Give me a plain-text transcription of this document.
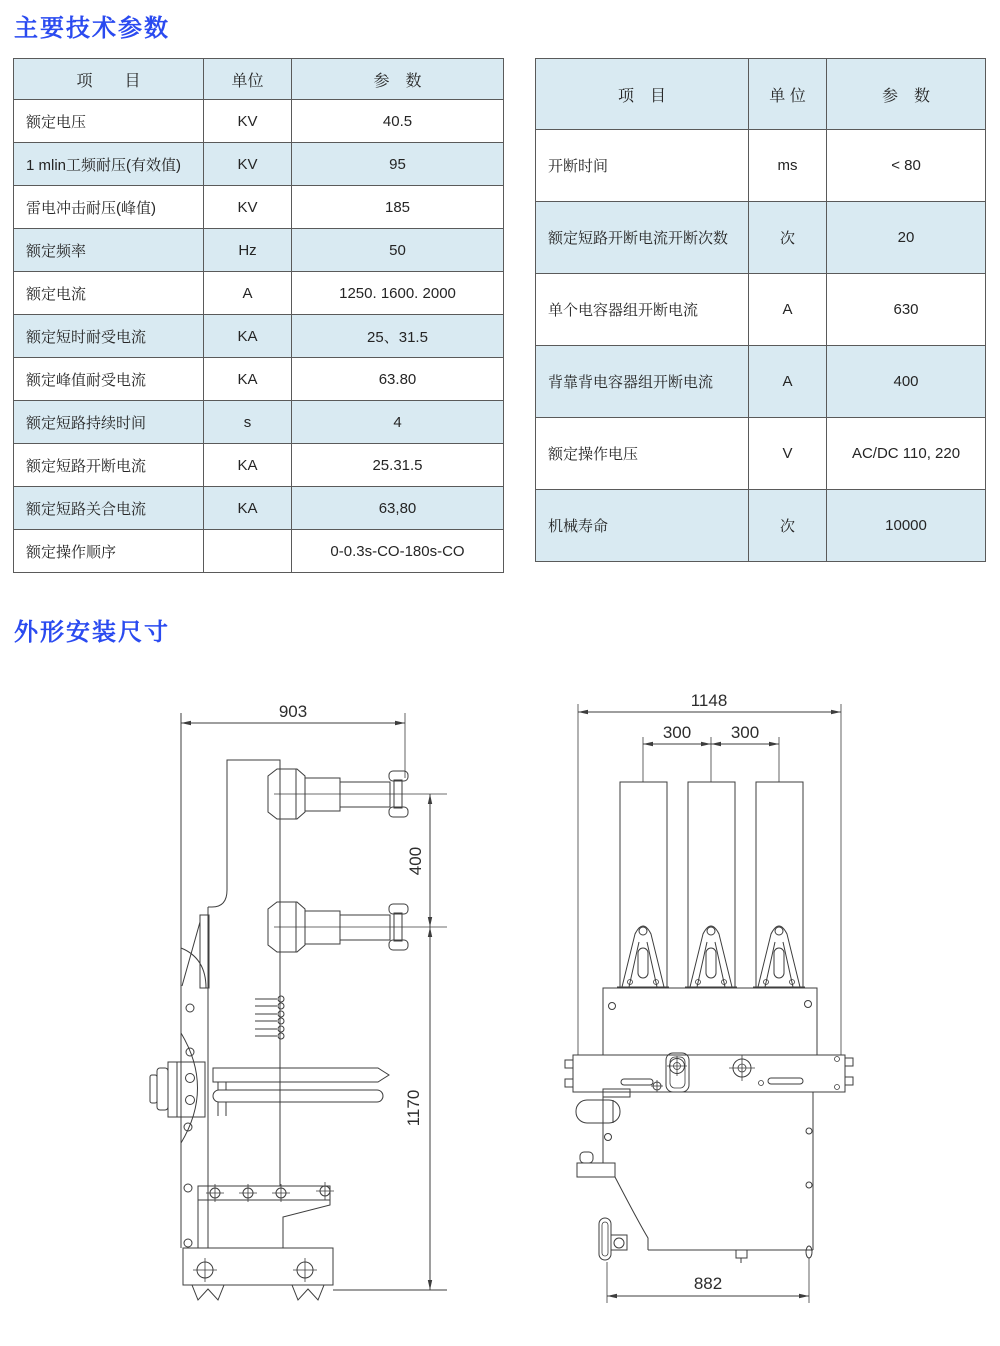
主要技术参数
项　　目	单位	参　数
额定电压	KV	40.5
1 mlin工频耐压(有效值)	KV	95
雷电冲击耐压(峰值)	KV	185
额定频率	Hz	50
额定电流	A	1250. 1600. 2000
额定短时耐受电流	KA	25、31.5
额定峰值耐受电流	KA	63.80
额定短路持续时间	s	4
额定短路开断电流	KA	25.31.5
额定短路关合电流	KA	63,80
额定操作顺序		0-0.3s-CO-180s-CO
项　目	单 位	参　数
开断时间	ms	< 80
额定短路开断电流开断次数	次	20
单个电容器组开断电流	A	630
背靠背电容器组开断电流	A	400
额定操作电压	V	AC/DC 110, 220
机械寿命	次	10000
外形安装尺寸
903
400
1170
1148
300 300
882
